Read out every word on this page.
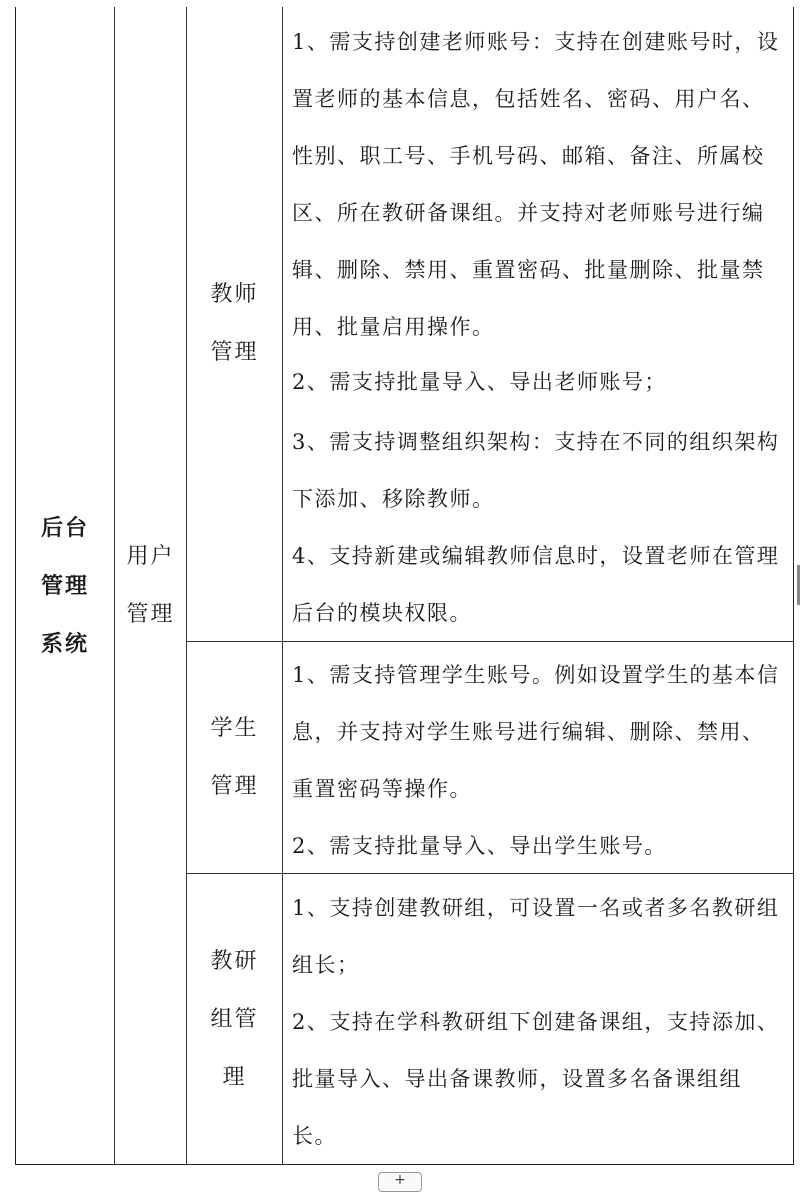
后台
管理
系统
用户
管理
教师
管理
学生
管理
教研
组管
理
1、需支持创建老师账号：支持在创建账号时，设置老师的基本信息，包括姓名、密码、用户名、性别、职工号、手机号码、邮箱、备注、所属校区、所在教研备课组。并支持对老师账号进行编辑、删除、禁用、重置密码、批量删除、批量禁用、批量启用操作。
2、需支持批量导入、导出老师账号；
3、需支持调整组织架构：支持在不同的组织架构下添加、移除教师。
4、支持新建或编辑教师信息时，设置老师在管理后台的模块权限。
1、需支持管理学生账号。例如设置学生的基本信息，并支持对学生账号进行编辑、删除、禁用、重置密码等操作。
2、需支持批量导入、导出学生账号。
1、支持创建教研组，可设置一名或者多名教研组组长；
2、支持在学科教研组下创建备课组，支持添加、批量导入、导出备课教师，设置多名备课组组长。
+
